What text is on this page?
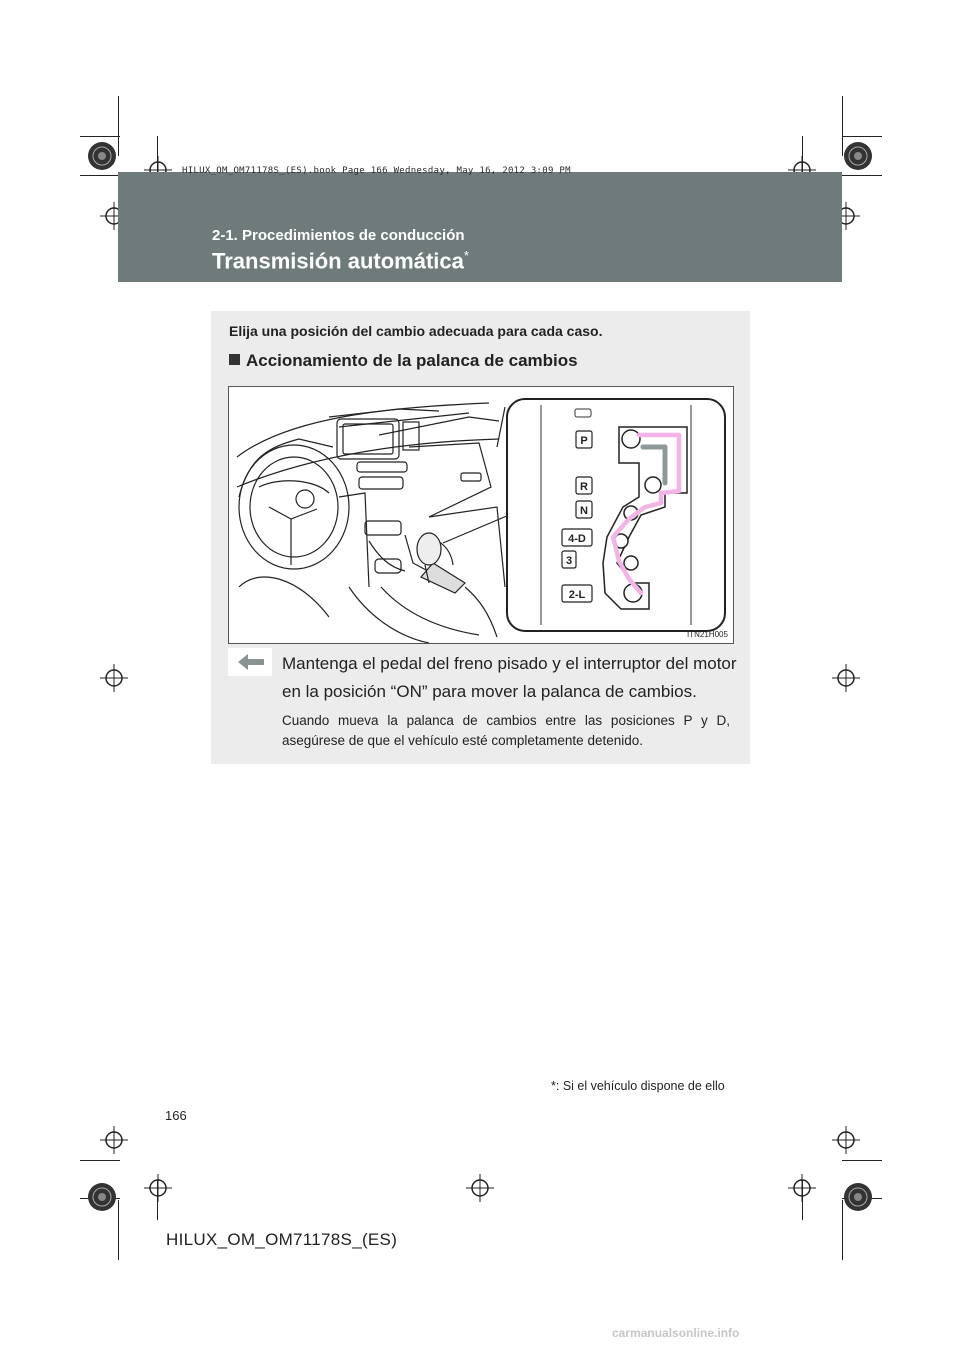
HILUX_OM_OM71178S_(ES).book Page 166 Wednesday, May 16, 2012 3:09 PM
2-1. Procedimientos de conducción
Transmisión automática*
Elija una posición del cambio adecuada para cada caso.
Accionamiento de la palanca de cambios
P
R
N
4-D
3
2-L
ITN21H005
Mantenga el pedal del freno pisado y el interruptor del motor en la posición “ON” para mover la palanca de cambios.
Cuando mueva la palanca de cambios entre las posiciones P y D, asegúrese de que el vehículo esté completamente detenido.
*: Si el vehículo dispone de ello
166
HILUX_OM_OM71178S_(ES)
carmanualsonline.info
